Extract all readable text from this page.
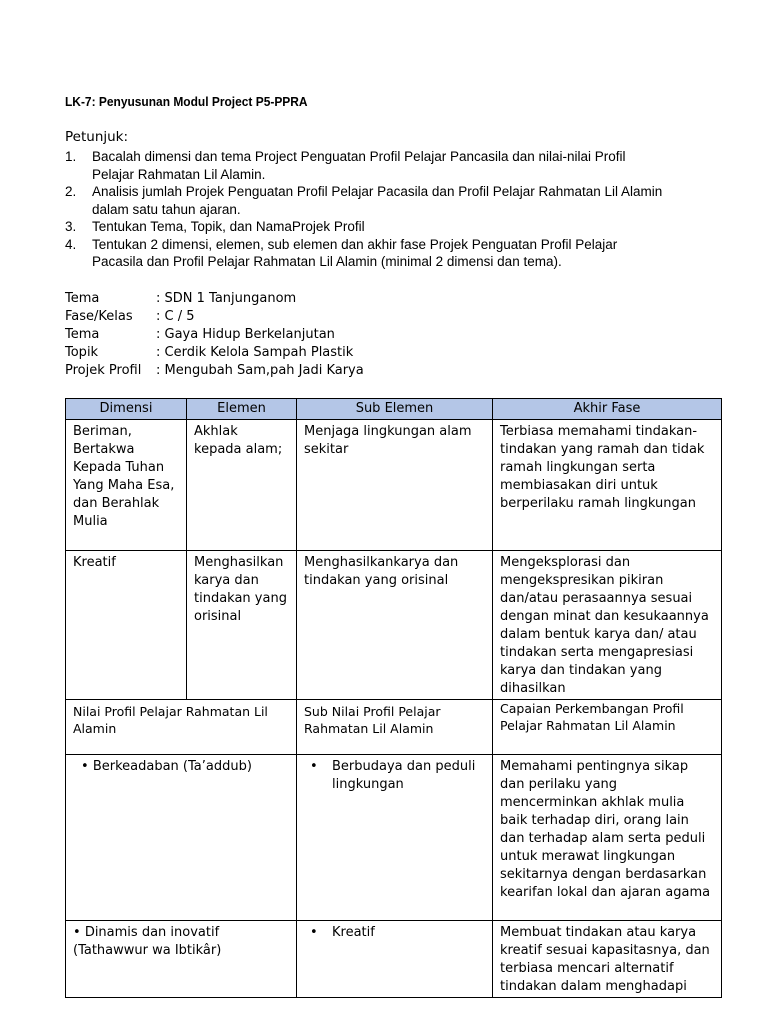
LK-7: Penyusunan Modul Project P5-PPRA
Petunjuk:
1. Bacalah dimensi dan tema Project Penguatan Profil Pelajar Pancasila dan nilai-nilai Profil Pelajar Rahmatan Lil Alamin.
2. Analisis jumlah Projek Penguatan Profil Pelajar Pacasila dan Profil Pelajar Rahmatan Lil Alamin dalam satu tahun ajaran.
3. Tentukan Tema, Topik, dan NamaProjek Profil
4. Tentukan 2 dimensi, elemen, sub elemen dan akhir fase Projek Penguatan Profil Pelajar Pacasila dan Profil Pelajar Rahmatan Lil Alamin (minimal 2 dimensi dan tema).
Tema	: SDN 1 Tanjunganom
Fase/Kelas	: C / 5
Tema	: Gaya Hidup Berkelanjutan
Topik	: Cerdik Kelola Sampah Plastik
Projek Profil	: Mengubah Sam,pah Jadi Karya
Dimensi	Elemen	Sub Elemen	Akhir Fase
Beriman, Bertakwa Kepada Tuhan Yang Maha Esa, dan Berahlak Mulia	Akhlak kepada alam;	Menjaga lingkungan alam sekitar	Terbiasa memahami tindakan- tindakan yang ramah dan tidak ramah lingkungan serta membiasakan diri untuk berperilaku ramah lingkungan
Kreatif	Menghasilkan karya dan tindakan yang orisinal	Menghasilkankarya dan tindakan yang orisinal	Mengeksplorasi dan mengekspresikan pikiran dan/atau perasaannya sesuai dengan minat dan kesukaannya dalam bentuk karya dan/ atau tindakan serta mengapresiasi karya dan tindakan yang dihasilkan
Nilai Profil Pelajar Rahmatan Lil Alamin		Sub Nilai Profil Pelajar Rahmatan Lil Alamin	Capaian Perkembangan Profil Pelajar Rahmatan Lil Alamin
• Berkeadaban (Ta’addub)		• Berbudaya dan peduli lingkungan	Memahami pentingnya sikap dan perilaku yang mencerminkan akhlak mulia baik terhadap diri, orang lain dan terhadap alam serta peduli untuk merawat lingkungan sekitarnya dengan berdasarkan kearifan lokal dan ajaran agama
• Dinamis dan inovatif (Tathawwur wa Ibtikâr)		• Kreatif	Membuat tindakan atau karya kreatif sesuai kapasitasnya, dan terbiasa mencari alternatif tindakan dalam menghadapi
